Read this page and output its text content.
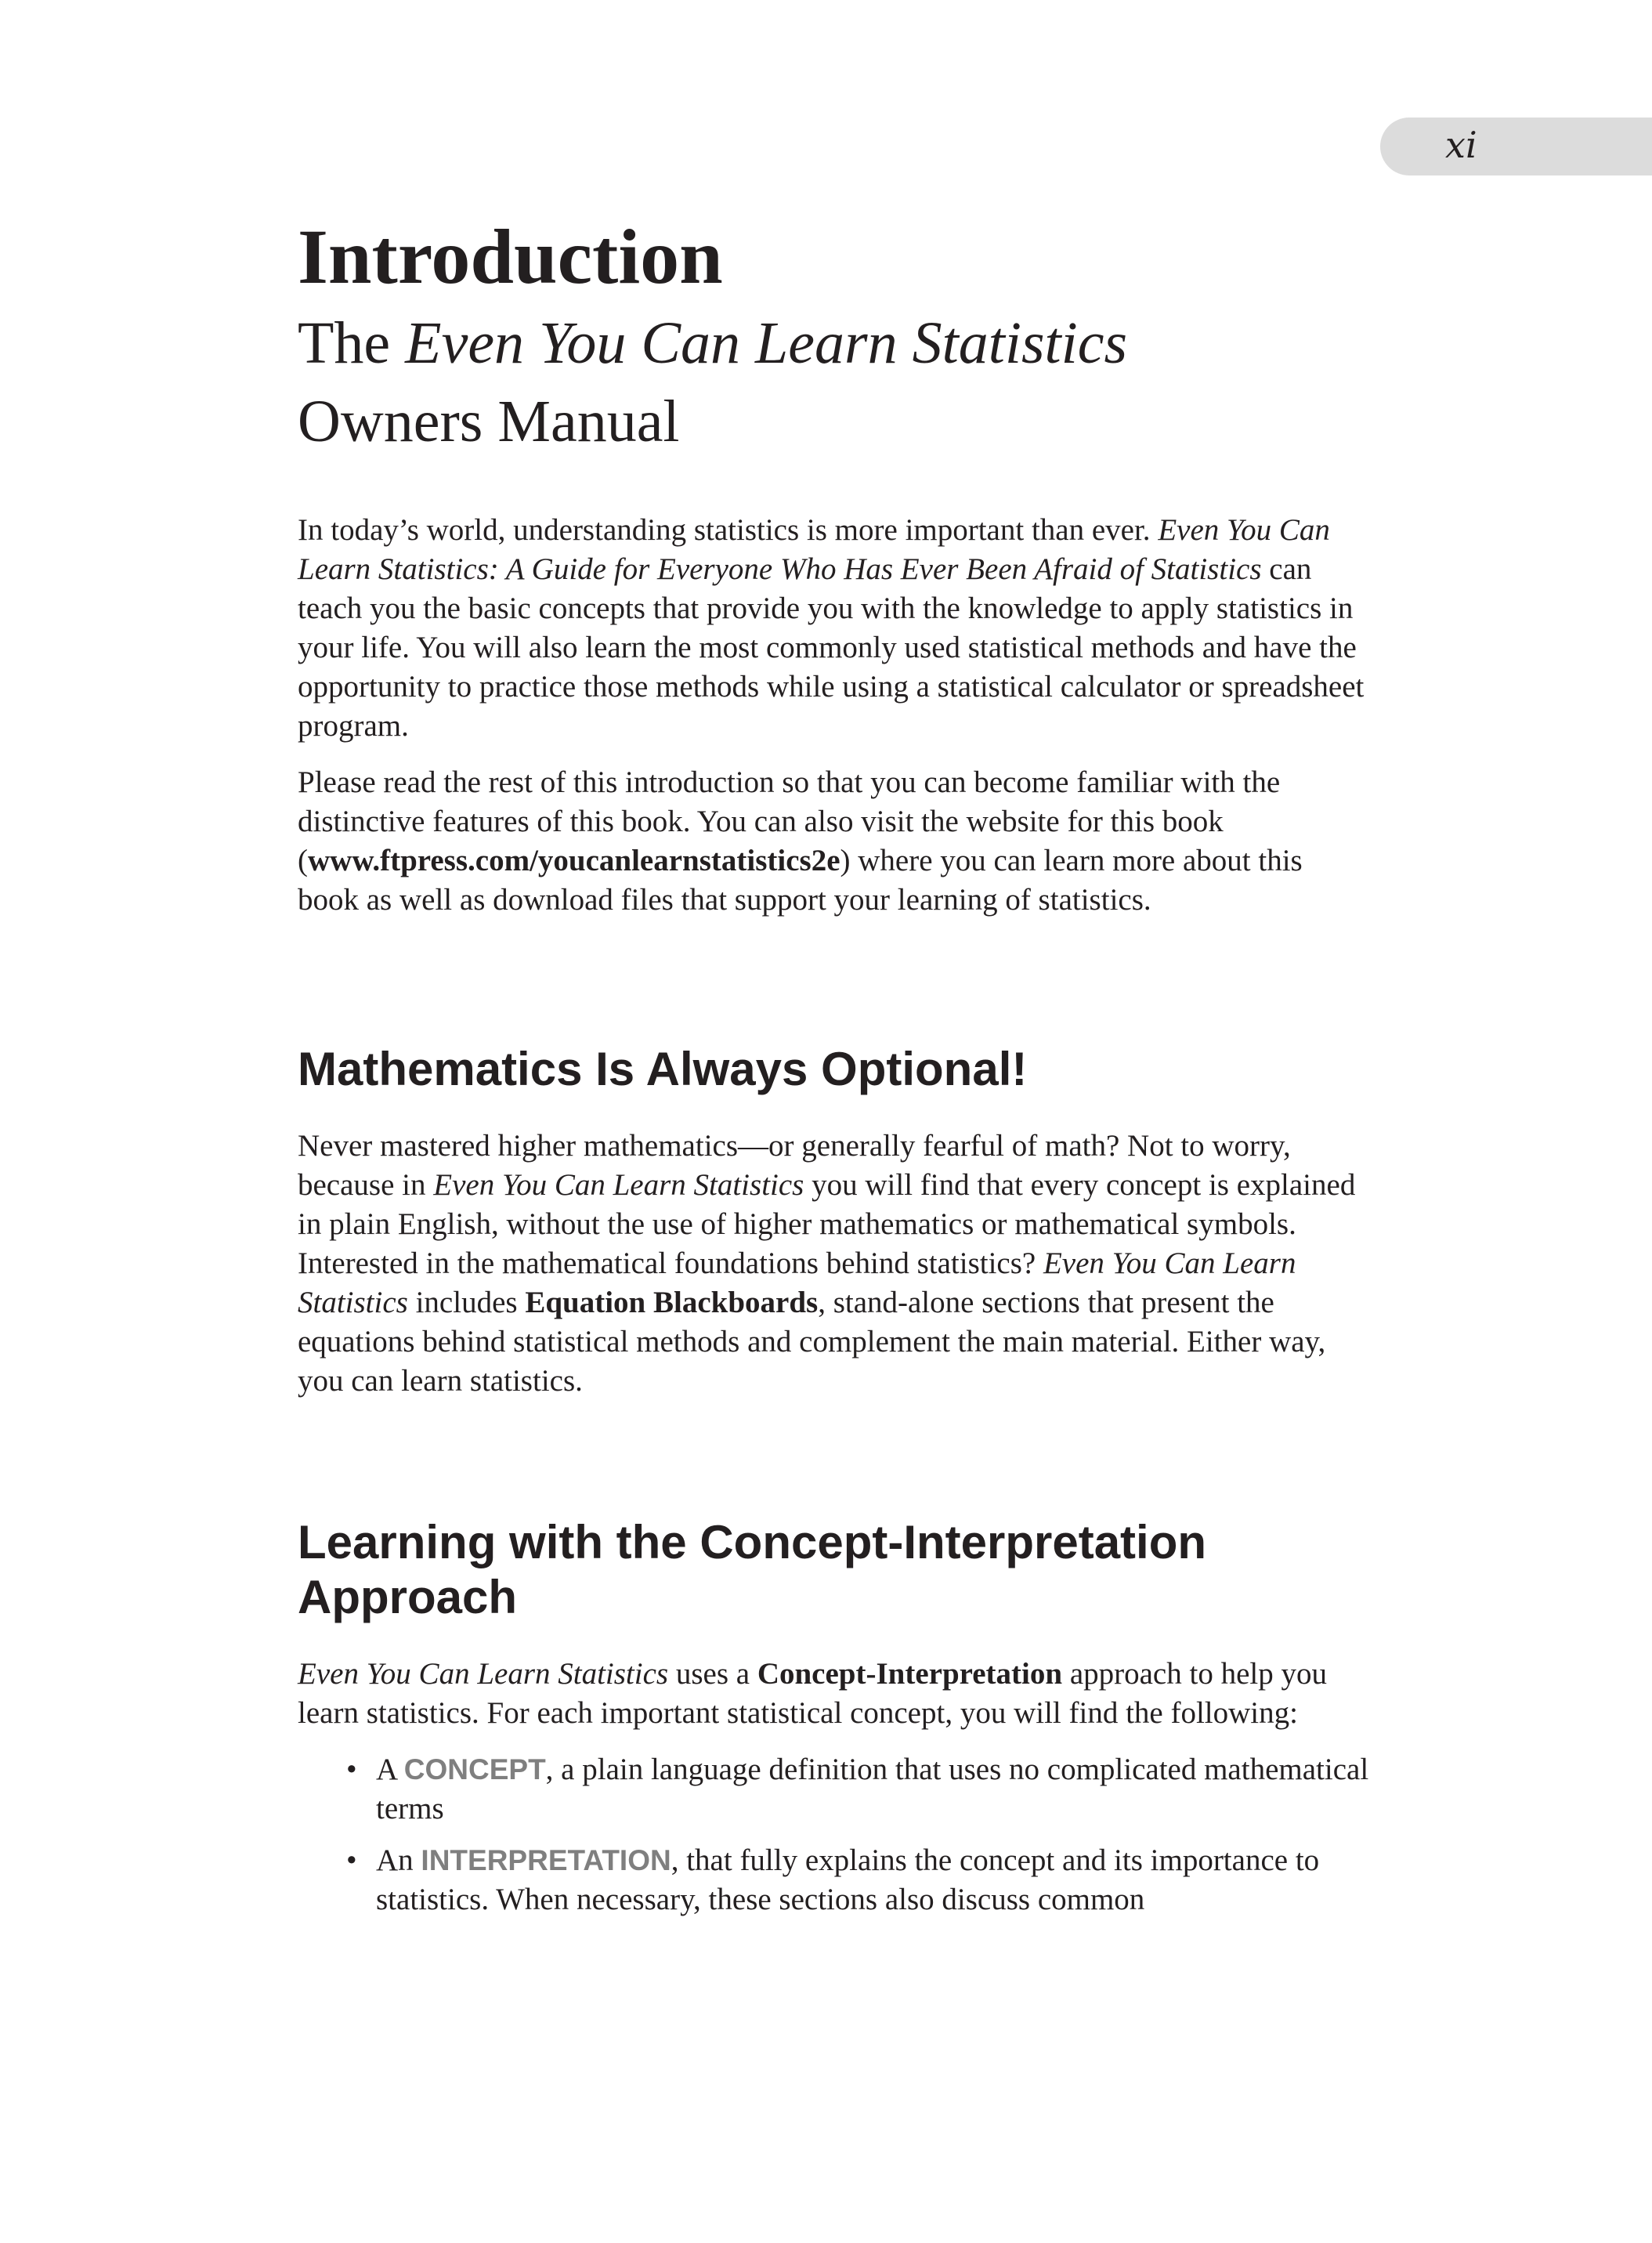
xi
Introduction
The Even You Can Learn Statistics
Owners Manual

In today’s world, understanding statistics is more important than ever. Even You Can Learn Statistics: A Guide for Everyone Who Has Ever Been Afraid of Statistics can teach you the basic concepts that provide you with the knowledge to apply statistics in your life. You will also learn the most commonly used statistical methods and have the opportunity to practice those methods while using a statistical calculator or spreadsheet program.

Please read the rest of this introduction so that you can become familiar with the distinctive features of this book. You can also visit the website for this book (www.ftpress.com/youcanlearnstatistics2e) where you can learn more about this book as well as download files that support your learning of statistics.

Mathematics Is Always Optional!

Never mastered higher mathematics—or generally fearful of math? Not to worry, because in Even You Can Learn Statistics you will find that every concept is explained in plain English, without the use of higher mathematics or mathematical symbols. Interested in the mathematical foundations behind statistics? Even You Can Learn Statistics includes Equation Blackboards, stand-alone sections that present the equations behind statistical methods and complement the main material. Either way, you can learn statistics.

Learning with the Concept-Interpretation Approach

Even You Can Learn Statistics uses a Concept-Interpretation approach to help you learn statistics. For each important statistical concept, you will find the following:

• A CONCEPT, a plain language definition that uses no complicated mathematical terms
• An INTERPRETATION, that fully explains the concept and its importance to statistics. When necessary, these sections also discuss common
